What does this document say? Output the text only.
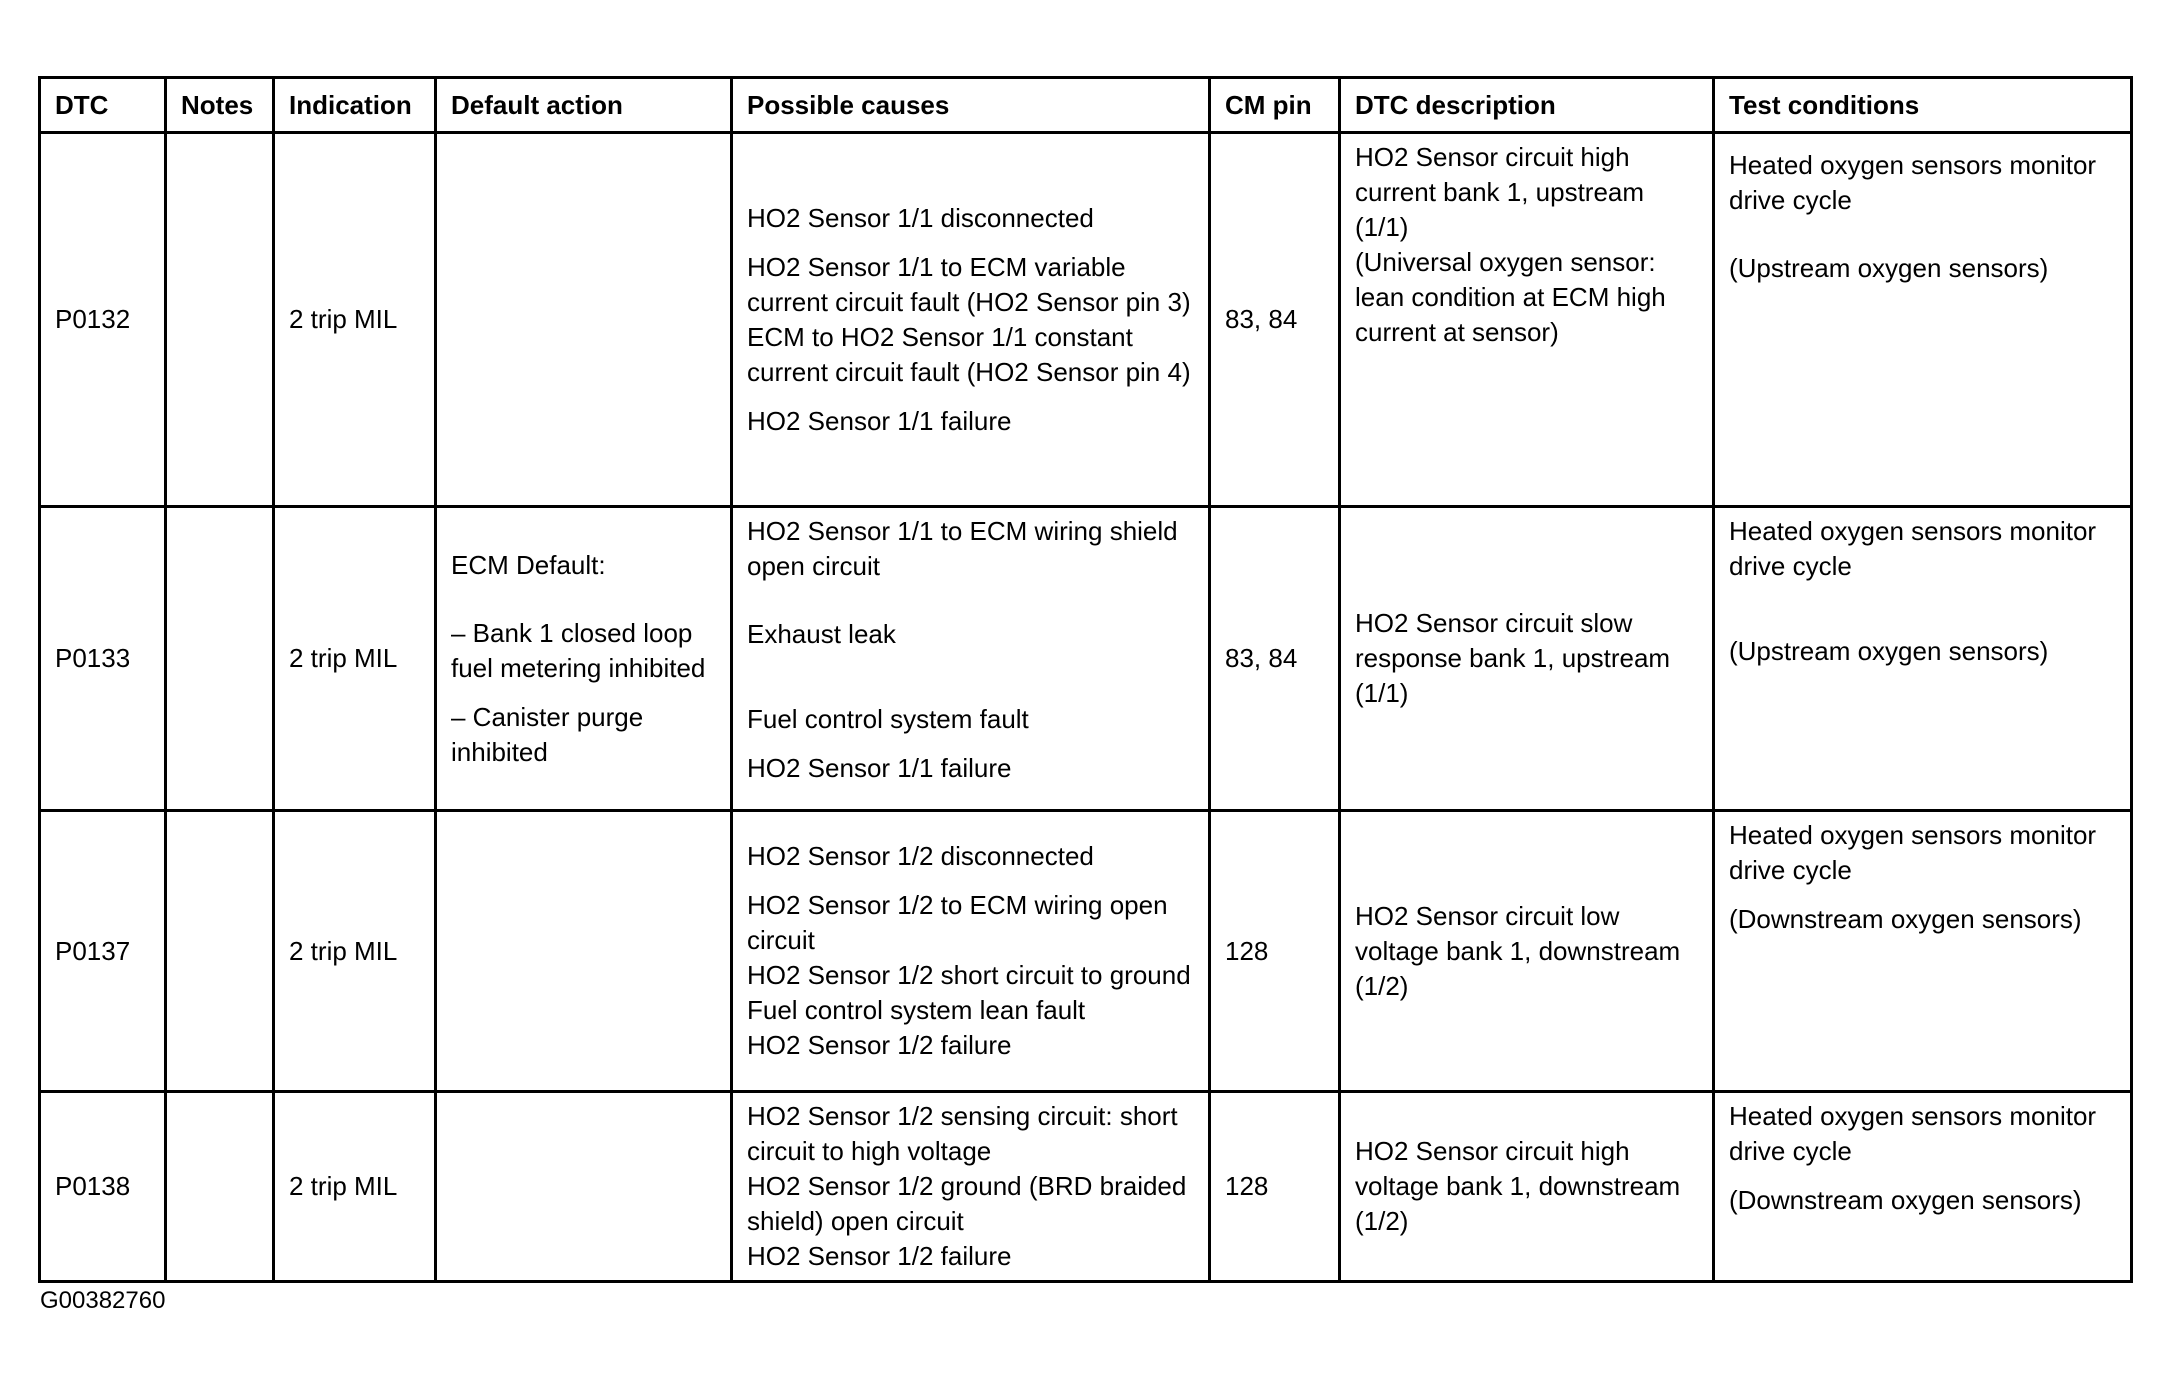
DTC	Notes	Indication	Default action	Possible causes	CM pin	DTC description	Test conditions
P0132		2 trip MIL		HO2 Sensor 1/1 disconnected
HO2 Sensor 1/1 to ECM variable current circuit fault (HO2 Sensor pin 3)
ECM to HO2 Sensor 1/1 constant current circuit fault (HO2 Sensor pin 4)
HO2 Sensor 1/1 failure	83, 84	HO2 Sensor circuit high current bank 1, upstream (1/1)
(Universal oxygen sensor: lean condition at ECM high current at sensor)	Heated oxygen sensors monitor drive cycle
(Upstream oxygen sensors)

P0133		2 trip MIL	ECM Default:
– Bank 1 closed loop fuel metering inhibited
– Canister purge inhibited	HO2 Sensor 1/1 to ECM wiring shield open circuit
Exhaust leak
Fuel control system fault
HO2 Sensor 1/1 failure	83, 84	HO2 Sensor circuit slow response bank 1, upstream (1/1)	Heated oxygen sensors monitor drive cycle
(Upstream oxygen sensors)

P0137		2 trip MIL		HO2 Sensor 1/2 disconnected
HO2 Sensor 1/2 to ECM wiring open circuit
HO2 Sensor 1/2 short circuit to ground
Fuel control system lean fault
HO2 Sensor 1/2 failure	128	HO2 Sensor circuit low voltage bank 1, downstream (1/2)	Heated oxygen sensors monitor drive cycle
(Downstream oxygen sensors)

P0138		2 trip MIL		HO2 Sensor 1/2 sensing circuit: short circuit to high voltage
HO2 Sensor 1/2 ground (BRD braided shield) open circuit
HO2 Sensor 1/2 failure	128	HO2 Sensor circuit high voltage bank 1, downstream (1/2)	Heated oxygen sensors monitor drive cycle
(Downstream oxygen sensors)
G00382760
